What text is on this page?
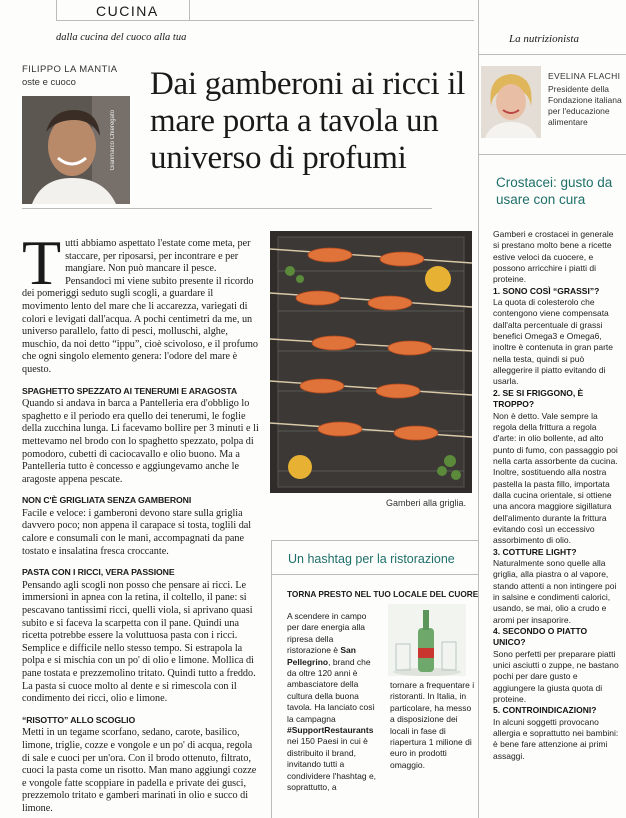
CUCINA
dalla cucina del cuoco alla tua	La nutrizionista
FILIPPO LA MANTIA
oste e cuoco
Gianmarco Chieregato
Dai gamberoni ai ricci il mare porta a tavola un universo di profumi
EVELINA FLACHI
Presidente della Fondazione italiana per l'educazione alimentare

Tutti abbiamo aspettato l'estate come meta, per staccare, per riposarsi, per incontrare e per mangiare. Non può mancare il pesce. Pensandoci mi viene subito presente il ricordo dei pomeriggi seduto sugli scogli, a guardare il movimento lento del mare che li accarezza, variegati di colori e levigati dall'acqua. A pochi centimetri da me, un universo parallelo, fatto di pesci, molluschi, alghe, muschio, da noi detto “ippu”, cioè scivoloso, e il profumo che ogni singolo elemento genera: l'odore del mare è questo.

SPAGHETTO SPEZZATO AI TENERUMI E ARAGOSTA

Quando si andava in barca a Pantelleria era d'obbligo lo spaghetto e il periodo era quello dei tenerumi, le foglie della zucchina lunga. Li facevamo bollire per 3 minuti e li mettevamo nel brodo con lo spaghetto spezzato, polpa di pomodoro, cubetti di caciocavallo e olio buono. Ma a Pantelleria tutto è concesso e aggiungevamo anche le aragoste appena pescate.

NON C'È GRIGLIATA SENZA GAMBERONI

Facile e veloce: i gamberoni devono stare sulla griglia davvero poco; non appena il carapace si tosta, toglili dal calore e consumali con le mani, accompagnati da pane tostato e insalatina fresca croccante.

PASTA CON I RICCI, VERA PASSIONE

Pensando agli scogli non posso che pensare ai ricci. Le immersioni in apnea con la retina, il coltello, il pane: si pescavano tantissimi ricci, quelli viola, si aprivano quasi subito e si faceva la scarpetta con il pane. Quindi una ricetta potrebbe essere la voluttuosa pasta con i ricci. Semplice e difficile nello stesso tempo. Si estrapola la polpa e si mischia con un po' di olio e limone. Mollica di pane tostata e prezzemolino tritato. Quindi tutto a freddo. La pasta si cuoce molto al dente e si rimescola con il condimento dei ricci, olio e limone.

“RISOTTO” ALLO SCOGLIO

Metti in un tegame scorfano, sedano, carote, basilico, limone, triglie, cozze e vongole e un po' di acqua, regola di sale e cuoci per un'ora. Con il brodo ottenuto, filtrato, cuoci la pasta come un risotto. Man mano aggiungi cozze e vongole fatte scoppiare in padella e private dei gusci, prezzemolo tritato e gamberi marinati in olio e succo di limone.

Gamberi alla griglia.
Un hashtag per la ristorazione
TORNA PRESTO NEL TUO LOCALE DEL CUORE
A scendere in campo per dare energia alla ripresa della ristorazione è San Pellegrino, brand che da oltre 120 anni è ambasciatore della cultura della buona tavola. Ha lanciato così la campagna #SupportRestaurants nei 150 Paesi in cui è distribuito il brand, invitando tutti a condividere l'hashtag e, soprattutto, a
tornare a frequentare i ristoranti. In Italia, in particolare, ha messo a disposizione dei locali in fase di riapertura 1 milione di euro in prodotti omaggio.
Crostacei: gusto da usare con cura

Gamberi e crostacei in generale si prestano molto bene a ricette estive veloci da cuocere, e possono arricchire i piatti di proteine.

1. SONO COSÌ “GRASSI”?

La quota di colesterolo che contengono viene compensata dall'alta percentuale di grassi benefici Omega3 e Omega6, inoltre è contenuta in gran parte nella testa, quindi si può alleggerire il piatto evitando di usarla.

2. SE SI FRIGGONO, È TROPPO?

Non è detto. Vale sempre la regola della frittura a regola d'arte: in olio bollente, ad alto punto di fumo, con passaggio poi nella carta assorbente da cucina. Inoltre, sostituendo alla nostra pastella la pasta fillo, importata dalla cucina orientale, si ottiene una ancora maggiore sigillatura dell'alimento durante la frittura evitando così un eccessivo assorbimento di olio.

3. COTTURE LIGHT?

Naturalmente sono quelle alla griglia, alla piastra o al vapore, stando attenti a non intingere poi in salsine e condimenti calorici, usando, se mai, olio a crudo e aromi per insaporire.

4. SECONDO O PIATTO UNICO?

Sono perfetti per preparare piatti unici asciutti o zuppe, ne bastano pochi per dare gusto e aggiungere la giusta quota di proteine.

5. CONTROINDICAZIONI?

In alcuni soggetti provocano allergia e soprattutto nei bambini: è bene fare attenzione ai primi assaggi.
